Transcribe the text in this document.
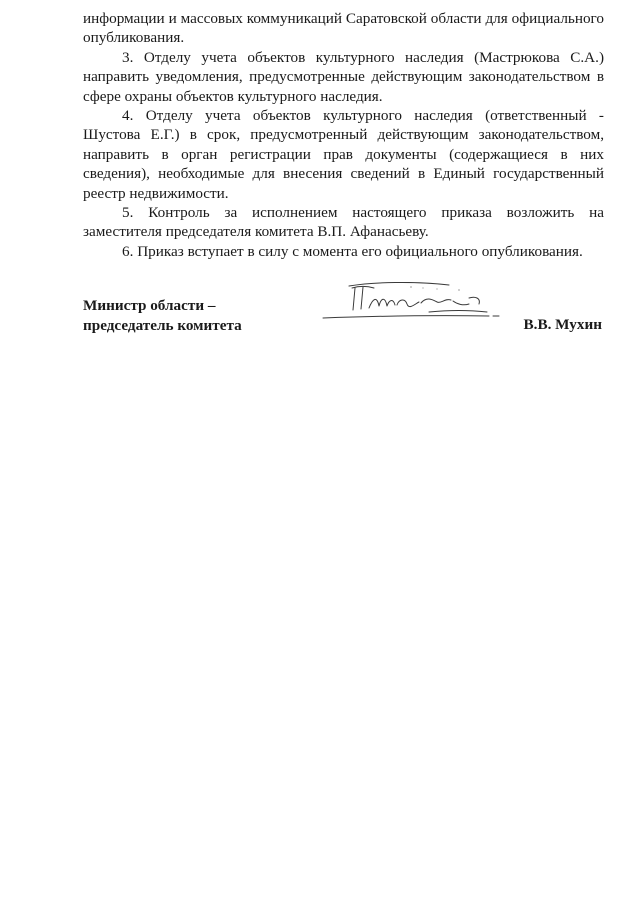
информации и массовых коммуникаций Саратовской области для официального опубликования.

3. Отделу учета объектов культурного наследия (Мастрюкова С.А.) направить уведомления, предусмотренные действующим законодательством в сфере охраны объектов культурного наследия.

4. Отделу учета объектов культурного наследия (ответственный - Шустова Е.Г.) в срок, предусмотренный действующим законодательством, направить в орган регистрации прав документы (содержащиеся в них сведения), необходимые для внесения сведений в Единый государственный реестр недвижимости.

5. Контроль за исполнением настоящего приказа возложить на заместителя председателя комитета В.П. Афанасьеву.

6. Приказ вступает в силу с момента его официального опубликования.

Министр области –
председатель комитета	В.В. Мухин
